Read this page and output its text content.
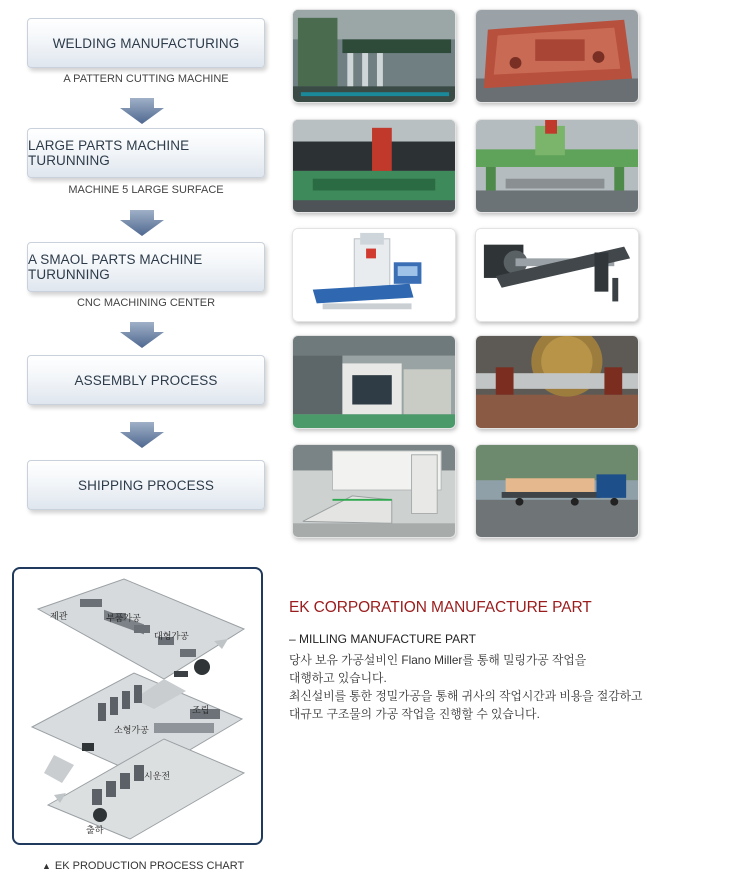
WELDING MANUFACTURING
A PATTERN CUTTING MACHINE
LARGE PARTS MACHINE TURUNNING
MACHINE 5 LARGE SURFACE
A SMAOL PARTS MACHINE TURUNNING
CNC MACHINING CENTER
ASSEMBLY PROCESS
SHIPPING PROCESS
제관	부품가공
대형가공
조립
소형가공
시운전
출하
▲ EK PRODUCTION PROCESS CHART
EK CORPORATION MANUFACTURE PART
– MILLING MANUFACTURE PART

당사 보유 가공설비인 Flano Miller를 통해 밀링가공 작업을

대행하고 있습니다.

최신설비를 통한 정밀가공을 통해 귀사의 작업시간과 비용을 절감하고

대규모 구조물의 가공 작업을 진행할 수 있습니다.
